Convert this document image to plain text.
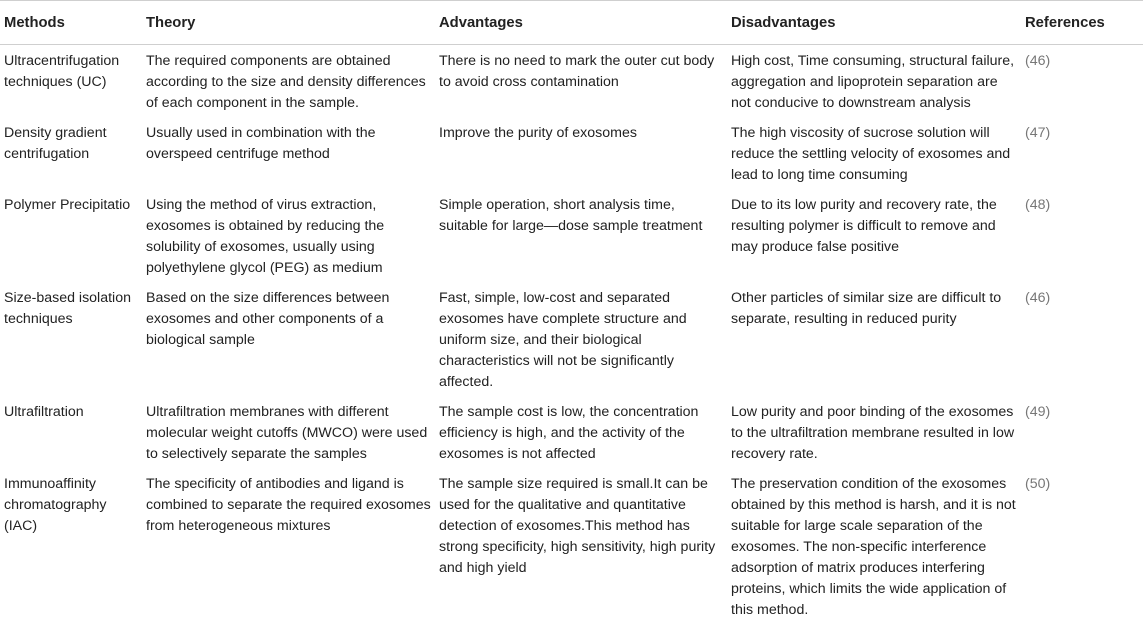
Methods	Theory	Advantages	Disadvantages	References
Ultracentrifugation techniques (UC)	The required components are obtained according to the size and density differences of each component in the sample.	There is no need to mark the outer cut body to avoid cross contamination	High cost, Time consuming, structural failure, aggregation and lipoprotein separation are not conducive to downstream analysis	(46)
Density gradient centrifugation	Usually used in combination with the overspeed centrifuge method	Improve the purity of exosomes	The high viscosity of sucrose solution will reduce the settling velocity of exosomes and lead to long time consuming	(47)
Polymer Precipitatio	Using the method of virus extraction, exosomes is obtained by reducing the solubility of exosomes, usually using polyethylene glycol (PEG) as medium	Simple operation, short analysis time, suitable for large—dose sample treatment	Due to its low purity and recovery rate, the resulting polymer is difficult to remove and may produce false positive	(48)
Size-based isolation techniques	Based on the size differences between exosomes and other components of a biological sample	Fast, simple, low-cost and separated exosomes have complete structure and uniform size, and their biological characteristics will not be significantly affected.	Other particles of similar size are difficult to separate, resulting in reduced purity	(46)
Ultrafiltration	Ultrafiltration membranes with different molecular weight cutoffs (MWCO) were used to selectively separate the samples	The sample cost is low, the concentration efficiency is high, and the activity of the exosomes is not affected	Low purity and poor binding of the exosomes to the ultrafiltration membrane resulted in low recovery rate.	(49)
Immunoaffinity chromatography (IAC)	The specificity of antibodies and ligand is combined to separate the required exosomes from heterogeneous mixtures	The sample size required is small.It can be used for the qualitative and quantitative detection of exosomes.This method has strong specificity, high sensitivity, high purity and high yield	The preservation condition of the exosomes obtained by this method is harsh, and it is not suitable for large scale separation of the exosomes. The non-specific interference adsorption of matrix produces interfering proteins, which limits the wide application of this method.	(50)
